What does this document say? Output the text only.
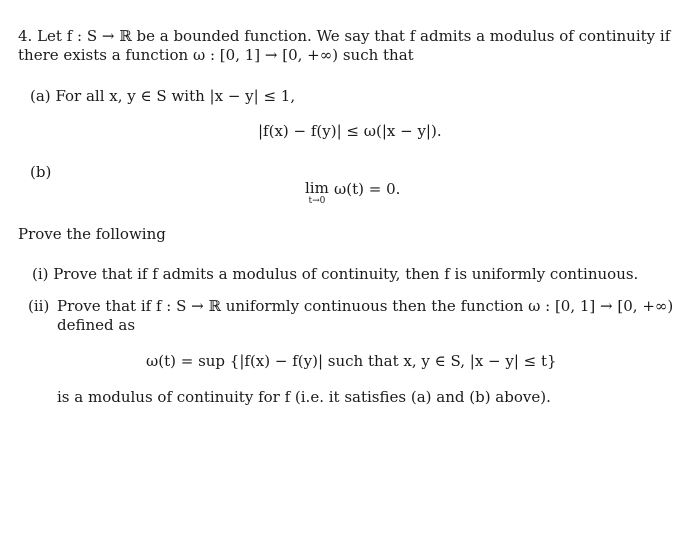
4. Let f : S → ℝ be a bounded function. We say that f admits a modulus of continuity if
there exists a function ω : [0, 1] → [0, +∞) such that
(a) For all x, y ∈ S with |x − y| ≤ 1,
|f(x) − f(y)| ≤ ω(|x − y|).
(b)
lim
t→0
ω(t) = 0.
Prove the following
(i) Prove that if f admits a modulus of continuity, then f is uniformly continuous.
(ii) Prove that if f : S → ℝ uniformly continuous then the function ω : [0, 1] → [0, +∞)
defined as
ω(t) = sup {|f(x) − f(y)| such that x, y ∈ S, |x − y| ≤ t}
is a modulus of continuity for f (i.e. it satisfies (a) and (b) above).
